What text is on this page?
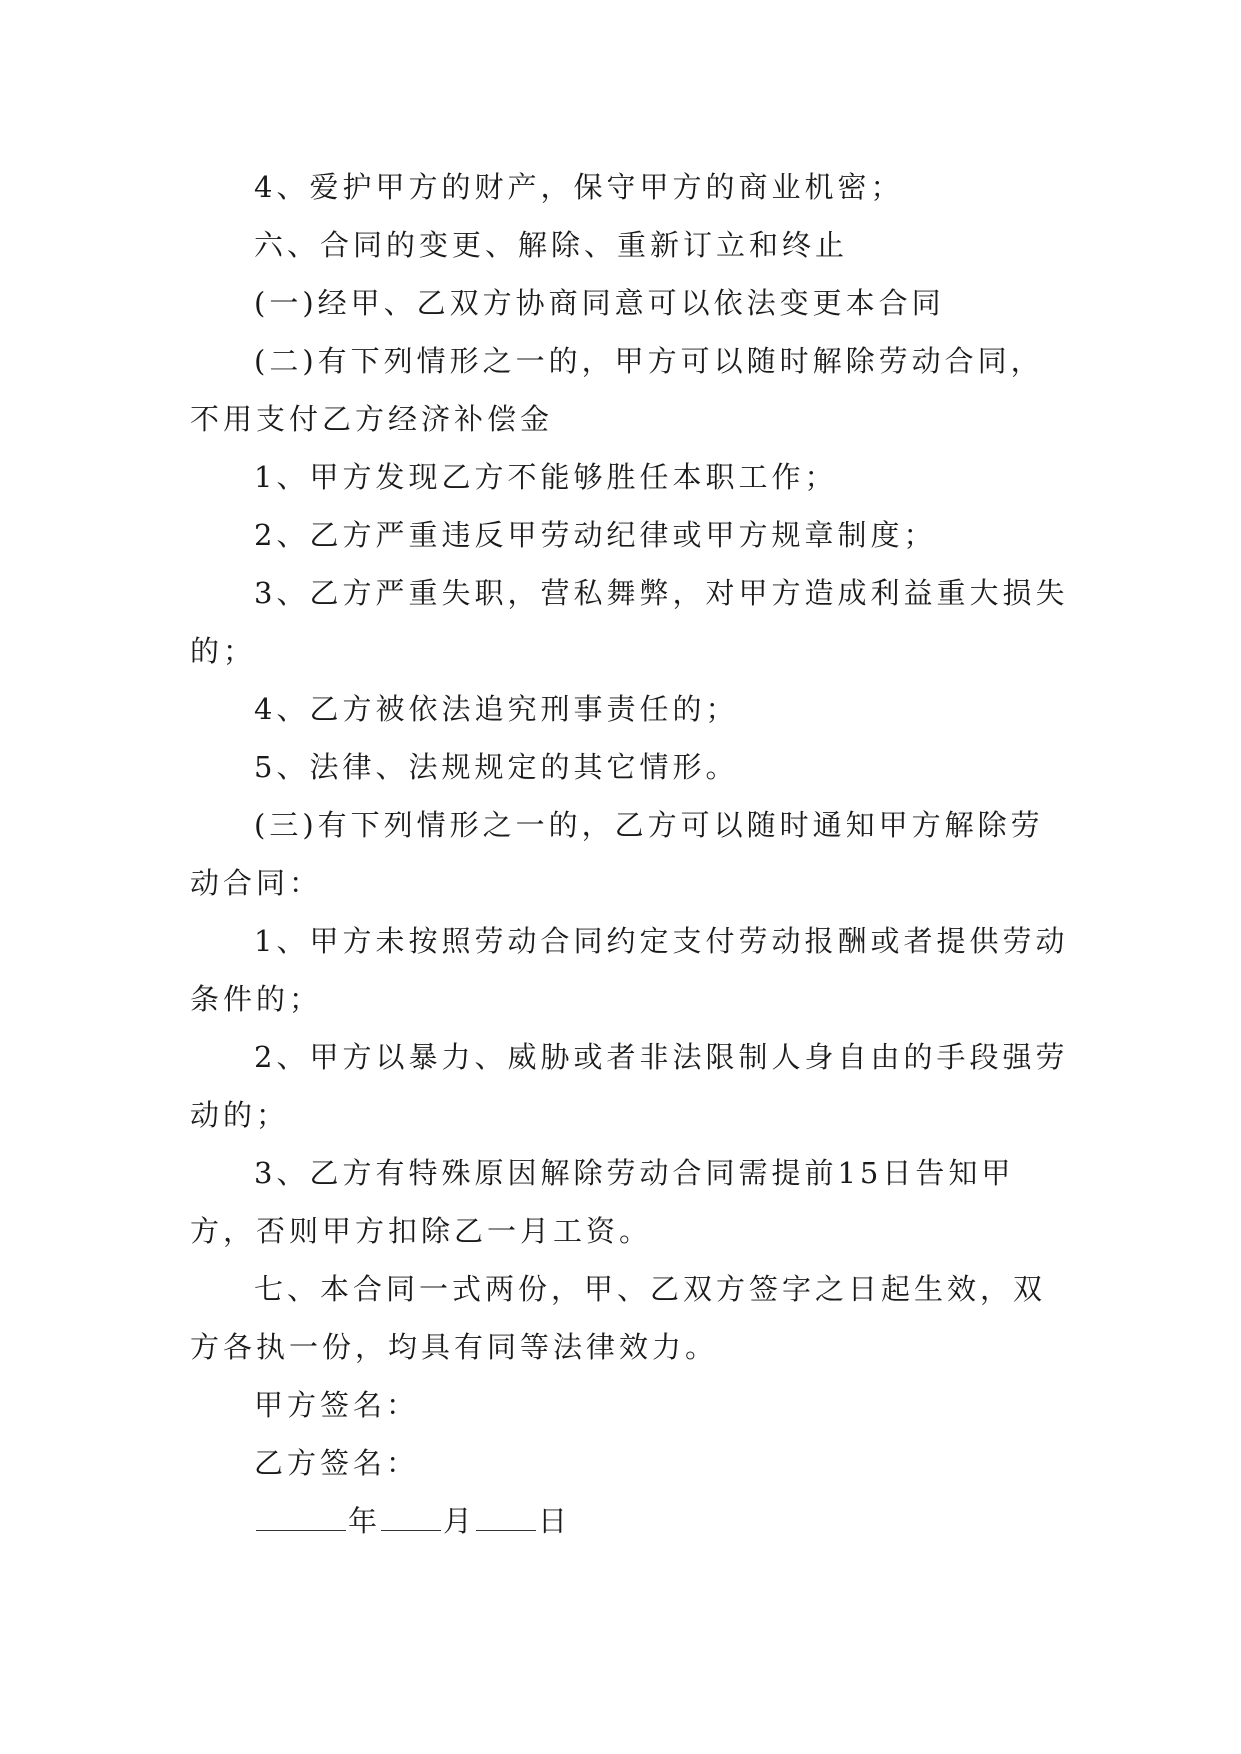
4、爱护甲方的财产，保守甲方的商业机密；

六、合同的变更、解除、重新订立和终止

(一)经甲、乙双方协商同意可以依法变更本合同

(二)有下列情形之一的，甲方可以随时解除劳动合同，不用支付乙方经济补偿金

1、甲方发现乙方不能够胜任本职工作；

2、乙方严重违反甲劳动纪律或甲方规章制度；

3、乙方严重失职，营私舞弊，对甲方造成利益重大损失的；

4、乙方被依法追究刑事责任的；

5、法律、法规规定的其它情形。

(三)有下列情形之一的，乙方可以随时通知甲方解除劳动合同：

1、甲方未按照劳动合同约定支付劳动报酬或者提供劳动条件的；

2、甲方以暴力、威胁或者非法限制人身自由的手段强劳动的；

3、乙方有特殊原因解除劳动合同需提前15日告知甲方，否则甲方扣除乙一月工资。

七、本合同一式两份，甲、乙双方签字之日起生效，双方各执一份，均具有同等法律效力。

甲方签名：

乙方签名：

年 月 日
